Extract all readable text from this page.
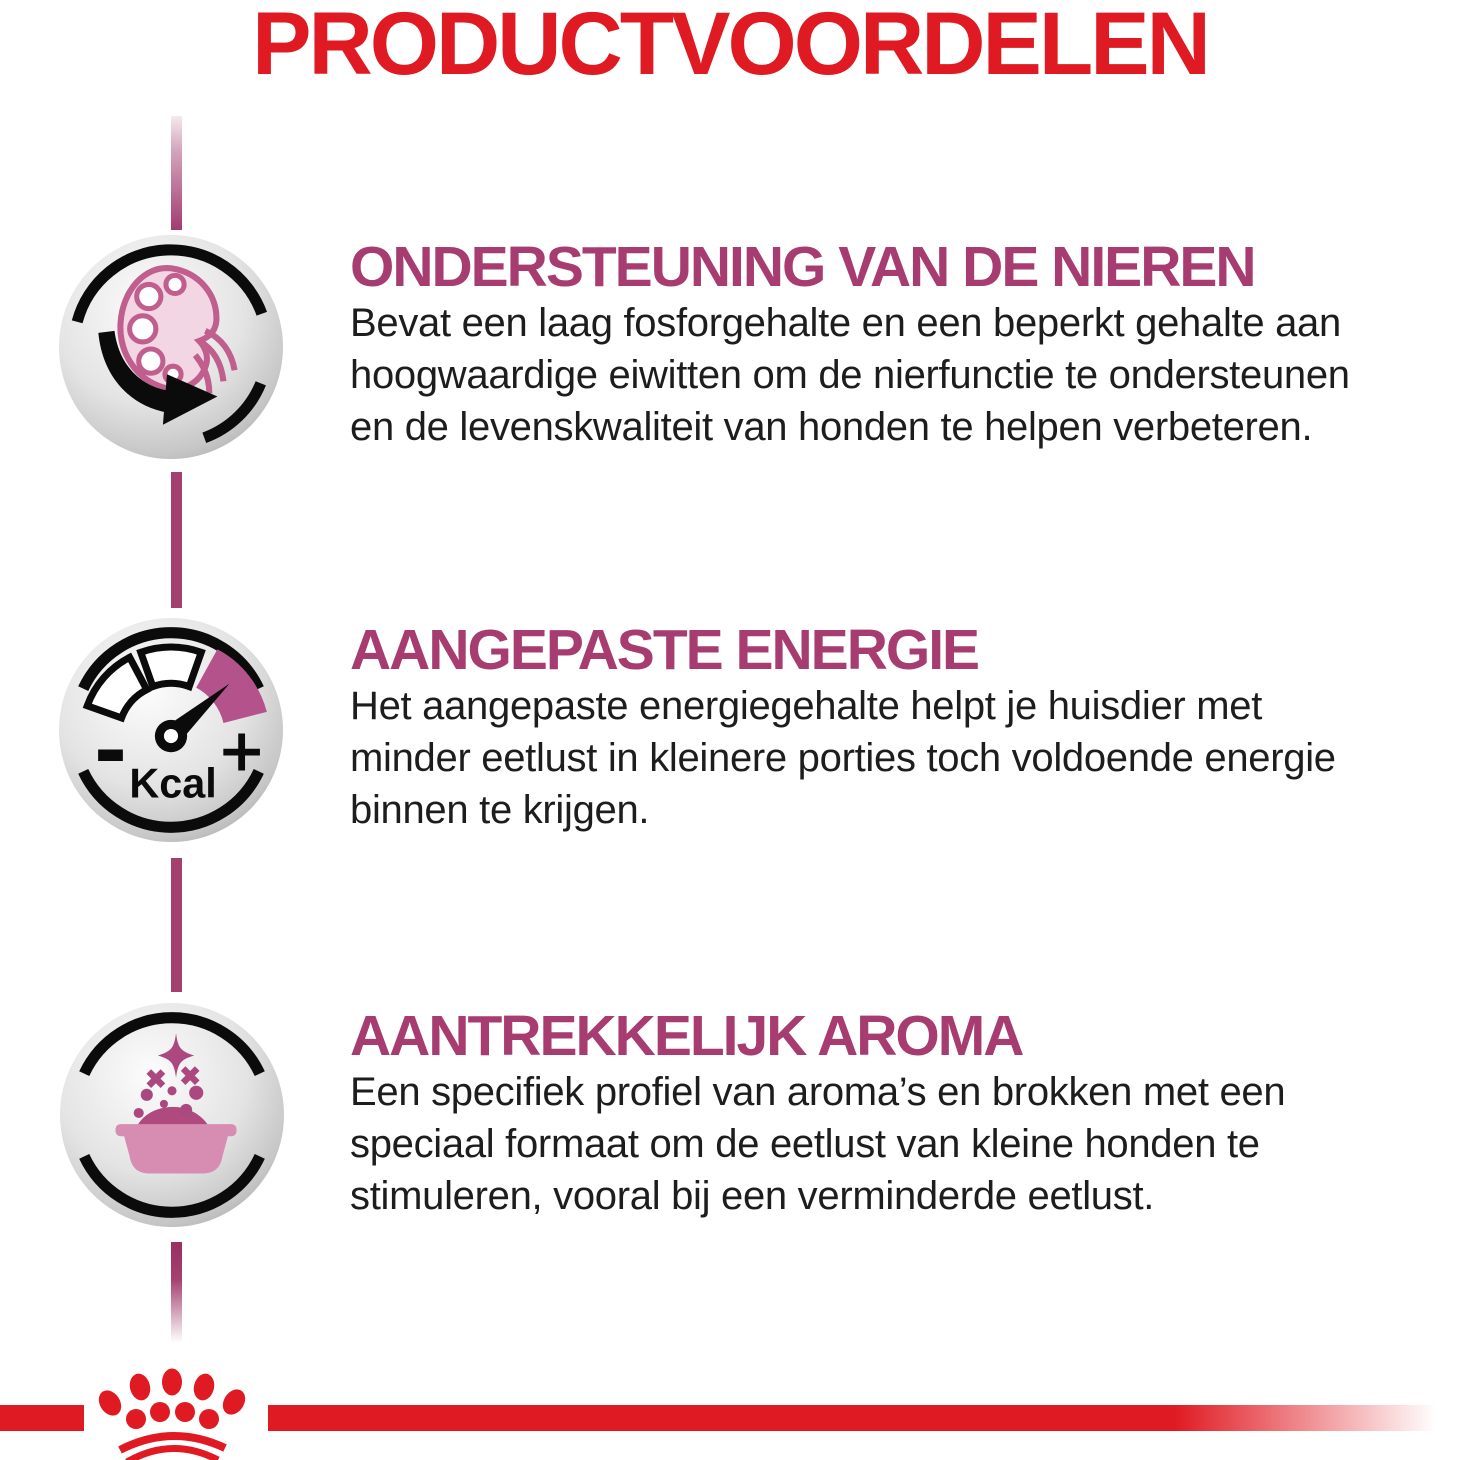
PRODUCTVOORDELEN
ONDERSTEUNING VAN DE NIEREN
Bevat een laag fosforgehalte en een beperkt gehalte aan
hoogwaardige eiwitten om de nierfunctie te ondersteunen
en de levenskwaliteit van honden te helpen verbeteren.
- +
Kcal
AANGEPASTE ENERGIE
Het aangepaste energiegehalte helpt je huisdier met
minder eetlust in kleinere porties toch voldoende energie
binnen te krijgen.
AANTREKKELIJK AROMA
Een specifiek profiel van aroma’s en brokken met een
speciaal formaat om de eetlust van kleine honden te
stimuleren, vooral bij een verminderde eetlust.
